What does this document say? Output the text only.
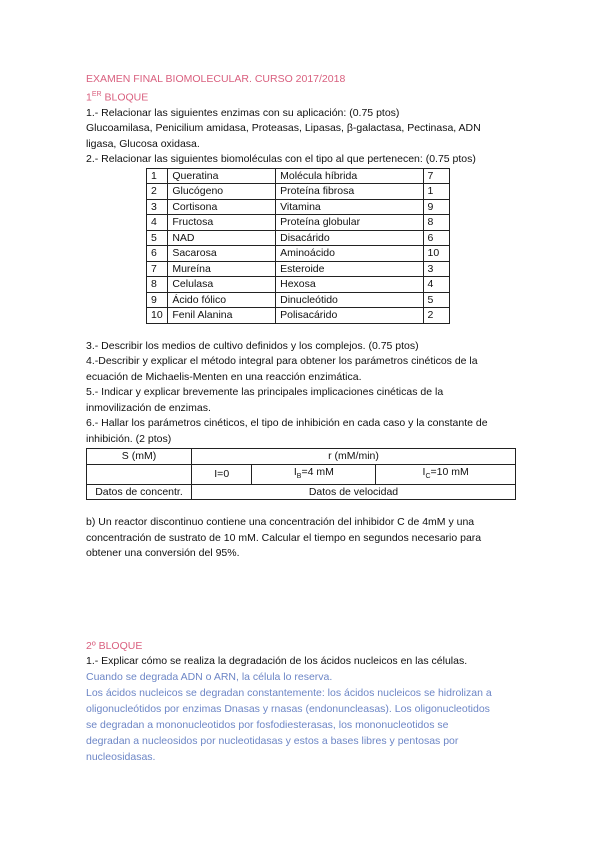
EXAMEN FINAL BIOMOLECULAR. CURSO 2017/2018
1ER BLOQUE
1.- Relacionar las siguientes enzimas con su aplicación: (0.75 ptos)
Glucoamilasa, Penicilium amidasa, Proteasas, Lipasas, β-galactasa, Pectinasa, ADN
ligasa, Glucosa oxidasa.
2.- Relacionar las siguientes biomoléculas con el tipo al que pertenecen: (0.75 ptos)
1	Queratina	Molécula híbrida	7
2	Glucógeno	Proteína fibrosa	1
3	Cortisona	Vitamina	9
4	Fructosa	Proteína globular	8
5	NAD	Disacárido	6
6	Sacarosa	Aminoácido	10
7	Mureína	Esteroide	3
8	Celulasa	Hexosa	4
9	Ácido fólico	Dinucleótido	5
10	Fenil Alanina	Polisacárido	2
3.- Describir los medios de cultivo definidos y los complejos. (0.75 ptos)
4.-Describir y explicar el método integral para obtener los parámetros cinéticos de la
ecuación de Michaelis-Menten en una reacción enzimática.
5.- Indicar y explicar brevemente las principales implicaciones cinéticas de la
inmovilización de enzimas.
6.- Hallar los parámetros cinéticos, el tipo de inhibición en cada caso y la constante de
inhibición. (2 ptos)
S (mM)	r (mM/min)		
	I=0	$I_B=4$ mM	$I_C=10$ mM
Datos de concentr.	Datos de velocidad		
b) Un reactor discontinuo contiene una concentración del inhibidor C de 4mM y una
concentración de sustrato de 10 mM. Calcular el tiempo en segundos necesario para
obtener una conversión del 95%.
2º BLOQUE
1.- Explicar cómo se realiza la degradación de los ácidos nucleicos en las células.
Cuando se degrada ADN o ARN, la célula lo reserva.
Los ácidos nucleicos se degradan constantemente: los ácidos nucleicos se hidrolizan a
oligonucleótidos por enzimas Dnasas y rnasas (endonuncleasas). Los oligonucleotidos
se degradan a mononucleotidos por fosfodiesterasas, los mononucleotidos se
degradan a nucleosidos por nucleotidasas y estos a bases libres y pentosas por
nucleosidasas.
